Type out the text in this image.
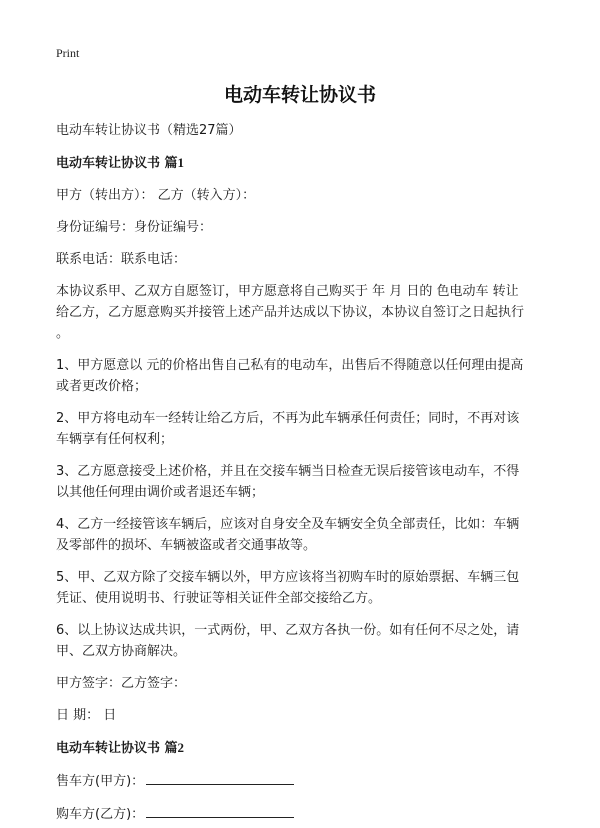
Print
电动车转让协议书

电动车转让协议书（精选27篇）

电动车转让协议书 篇1

甲方（转出方）： 乙方（转入方）：

身份证编号：身份证编号：

联系电话：联系电话：

本协议系甲、乙双方自愿签订，甲方愿意将自己购买于 年 月 日的 色电动车 转让

给乙方，乙方愿意购买并接管上述产品并达成以下协议，本协议自签订之日起执行

。

1、甲方愿意以 元的价格出售自己私有的电动车，出售后不得随意以任何理由提高

或者更改价格；

2、甲方将电动车一经转让给乙方后，不再为此车辆承任何责任；同时，不再对该

车辆享有任何权利；

3、乙方愿意接受上述价格，并且在交接车辆当日检查无误后接管该电动车，不得

以其他任何理由调价或者退还车辆；

4、乙方一经接管该车辆后，应该对自身安全及车辆安全负全部责任，比如：车辆

及零部件的损坏、车辆被盗或者交通事故等。

5、甲、乙双方除了交接车辆以外，甲方应该将当初购车时的原始票据、车辆三包

凭证、使用说明书、行驶证等相关证件全部交接给乙方。

6、以上协议达成共识，一式两份，甲、乙双方各执一份。如有任何不尽之处，请

甲、乙双方协商解决。

甲方签字：乙方签字：

日 期： 日

电动车转让协议书 篇2

售车方(甲方)：

购车方(乙方)：
